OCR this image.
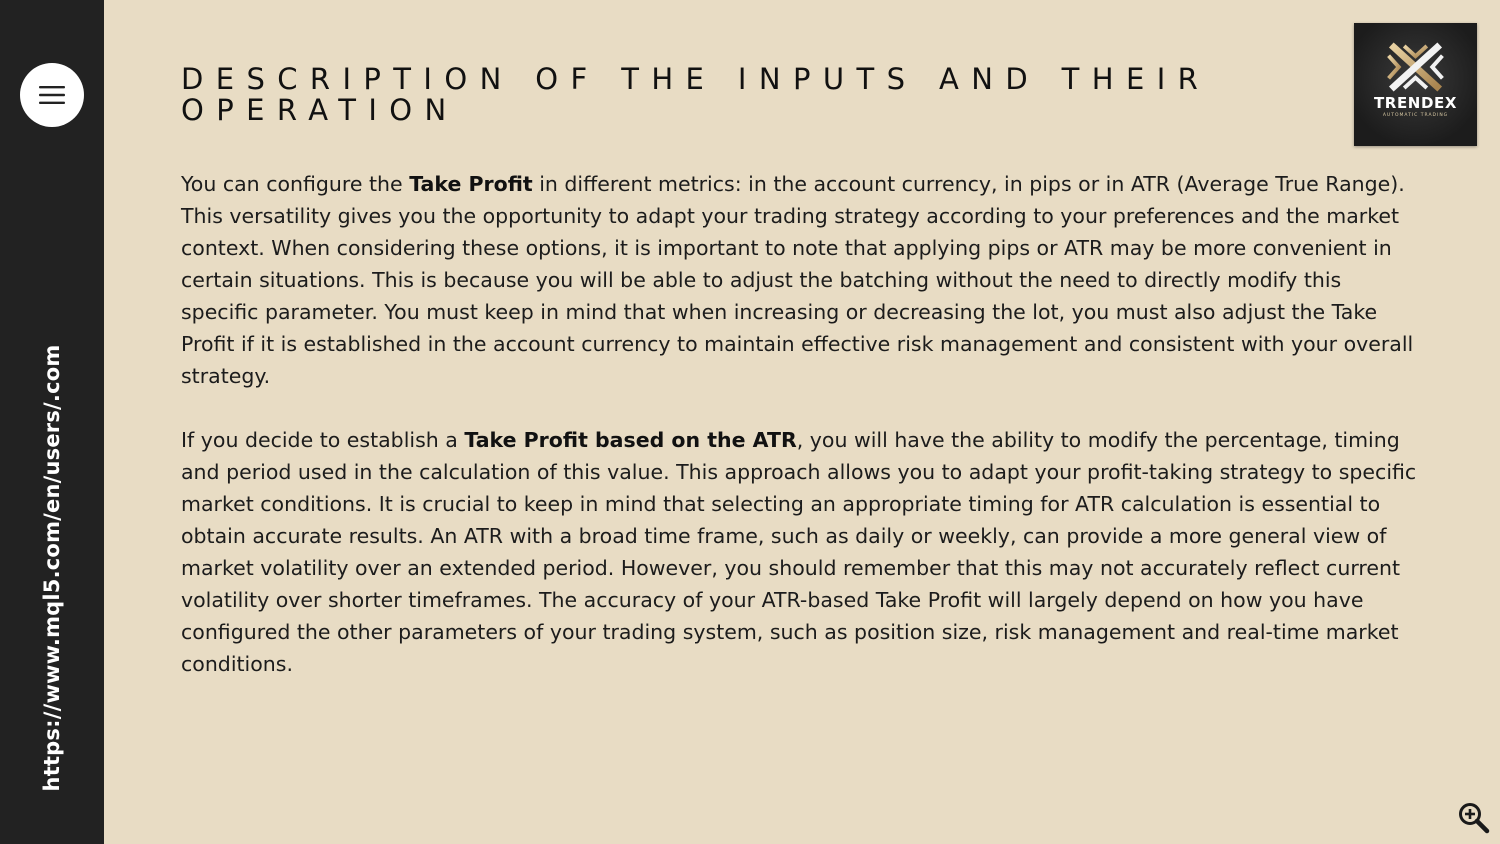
https://www.mql5.com/en/users/.com
DESCRIPTION OF THE INPUTS AND THEIR OPERATION	TRENDEX
AUTOMATIC TRADING

You can configure the Take Profit in different metrics: in the account currency, in pips or in ATR (Average True Range). This versatility gives you the opportunity to adapt your trading strategy according to your preferences and the market context. When considering these options, it is important to note that applying pips or ATR may be more convenient in certain situations. This is because you will be able to adjust the batching without the need to directly modify this specific parameter. You must keep in mind that when increasing or decreasing the lot, you must also adjust the Take Profit if it is established in the account currency to maintain effective risk management and consistent with your overall strategy.

If you decide to establish a Take Profit based on the ATR, you will have the ability to modify the percentage, timing and period used in the calculation of this value. This approach allows you to adapt your profit-taking strategy to specific market conditions. It is crucial to keep in mind that selecting an appropriate timing for ATR calculation is essential to obtain accurate results. An ATR with a broad time frame, such as daily or weekly, can provide a more general view of market volatility over an extended period. However, you should remember that this may not accurately reflect current volatility over shorter timeframes. The accuracy of your ATR-based Take Profit will largely depend on how you have configured the other parameters of your trading system, such as position size, risk management and real-time market conditions.
